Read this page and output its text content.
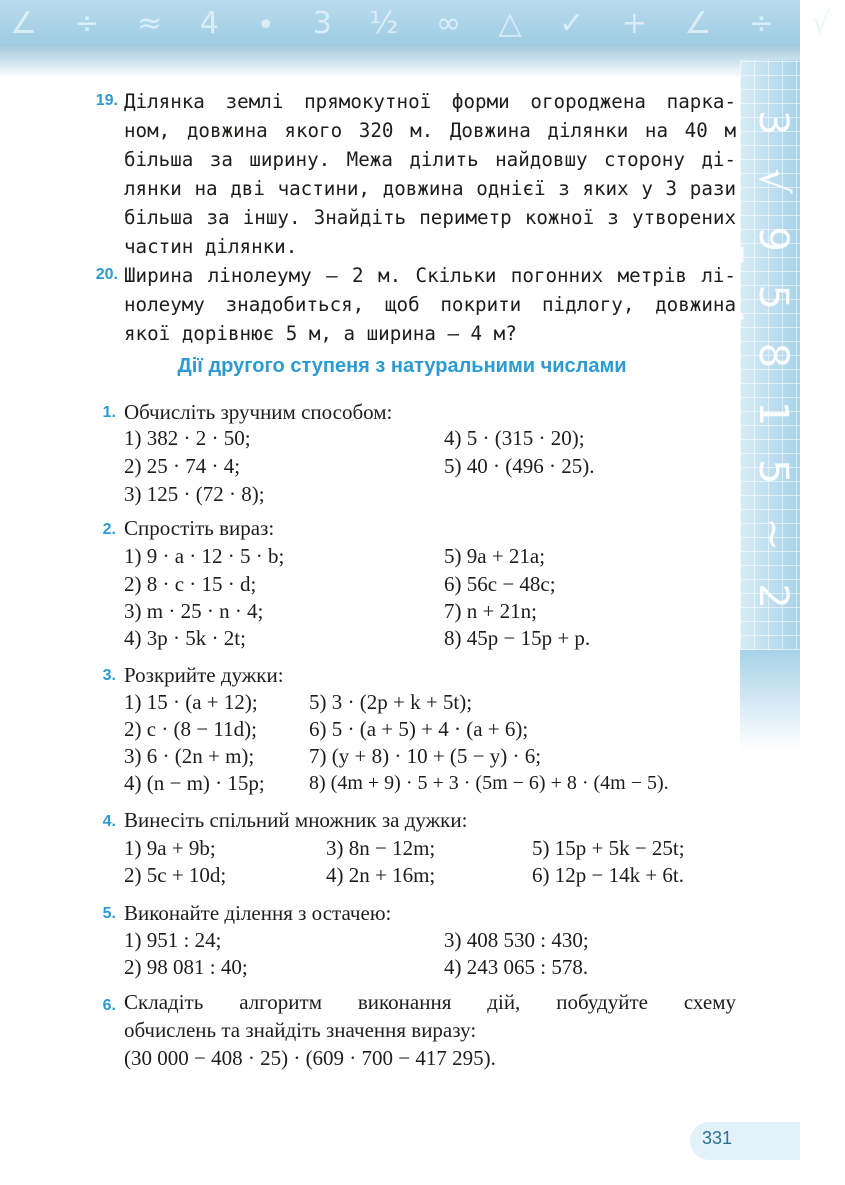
∠ ÷ ≈ 4 ∙ 3 ½ ∞ △ ✓ + ∠ ÷ √
3 √ 9 5 8 1 5 ~ 2 ~ ~ 5 4 ~
19. Ділянка землі прямокутної форми огороджена парка-
ном, довжина якого 320 м. Довжина ділянки на 40 м
більша за ширину. Межа ділить найдовшу сторону ді-
лянки на дві частини, довжина однієї з яких у 3 рази
більша за іншу. Знайдіть периметр кожної з утворених
частин ділянки.
20. Ширина лінолеуму — 2 м. Скільки погонних метрів лі-
нолеуму знадобиться, щоб покрити підлогу, довжина
якої дорівнює 5 м, а ширина — 4 м?
Дії другого ступеня з натуральними числами
1. Обчисліть зручним способом:
1) 382 · 2 · 50;	4) 5 · (315 · 20);
2) 25 · 74 · 4;	5) 40 · (496 · 25).
3) 125 · (72 · 8);
2. Спростіть вираз:
1) 9 · a · 12 · 5 · b;	5) 9a + 21a;
2) 8 · c · 15 · d;	6) 56c − 48c;
3) m · 25 · n · 4;	7) n + 21n;
4) 3p · 5k · 2t;	8) 45p − 15p + p.
3. Розкрийте дужки:
1) 15 · (a + 12); 5) 3 · (2p + k + 5t);
2) c · (8 − 11d); 6) 5 · (a + 5) + 4 · (a + 6);
3) 6 · (2n + m);	7) (y + 8) · 10 + (5 − y) · 6;
4) (n − m) · 15p; 8) (4m + 9) · 5 + 3 · (5m − 6) + 8 · (4m − 5).
4. Винесіть спільний множник за дужки:
1) 9a + 9b;	3) 8n − 12m;	5) 15p + 5k − 25t;
2) 5c + 10d;	4) 2n + 16m;	6) 12p − 14k + 6t.
5. Виконайте ділення з остачею:
1) 951 : 24;	3) 408 530 : 430;
2) 98 081 : 40;	4) 243 065 : 578.
6. Складіть алгоритм виконання дій, побудуйте схему
обчислень та знайдіть значення виразу:
(30 000 − 408 · 25) · (609 · 700 − 417 295).
331
